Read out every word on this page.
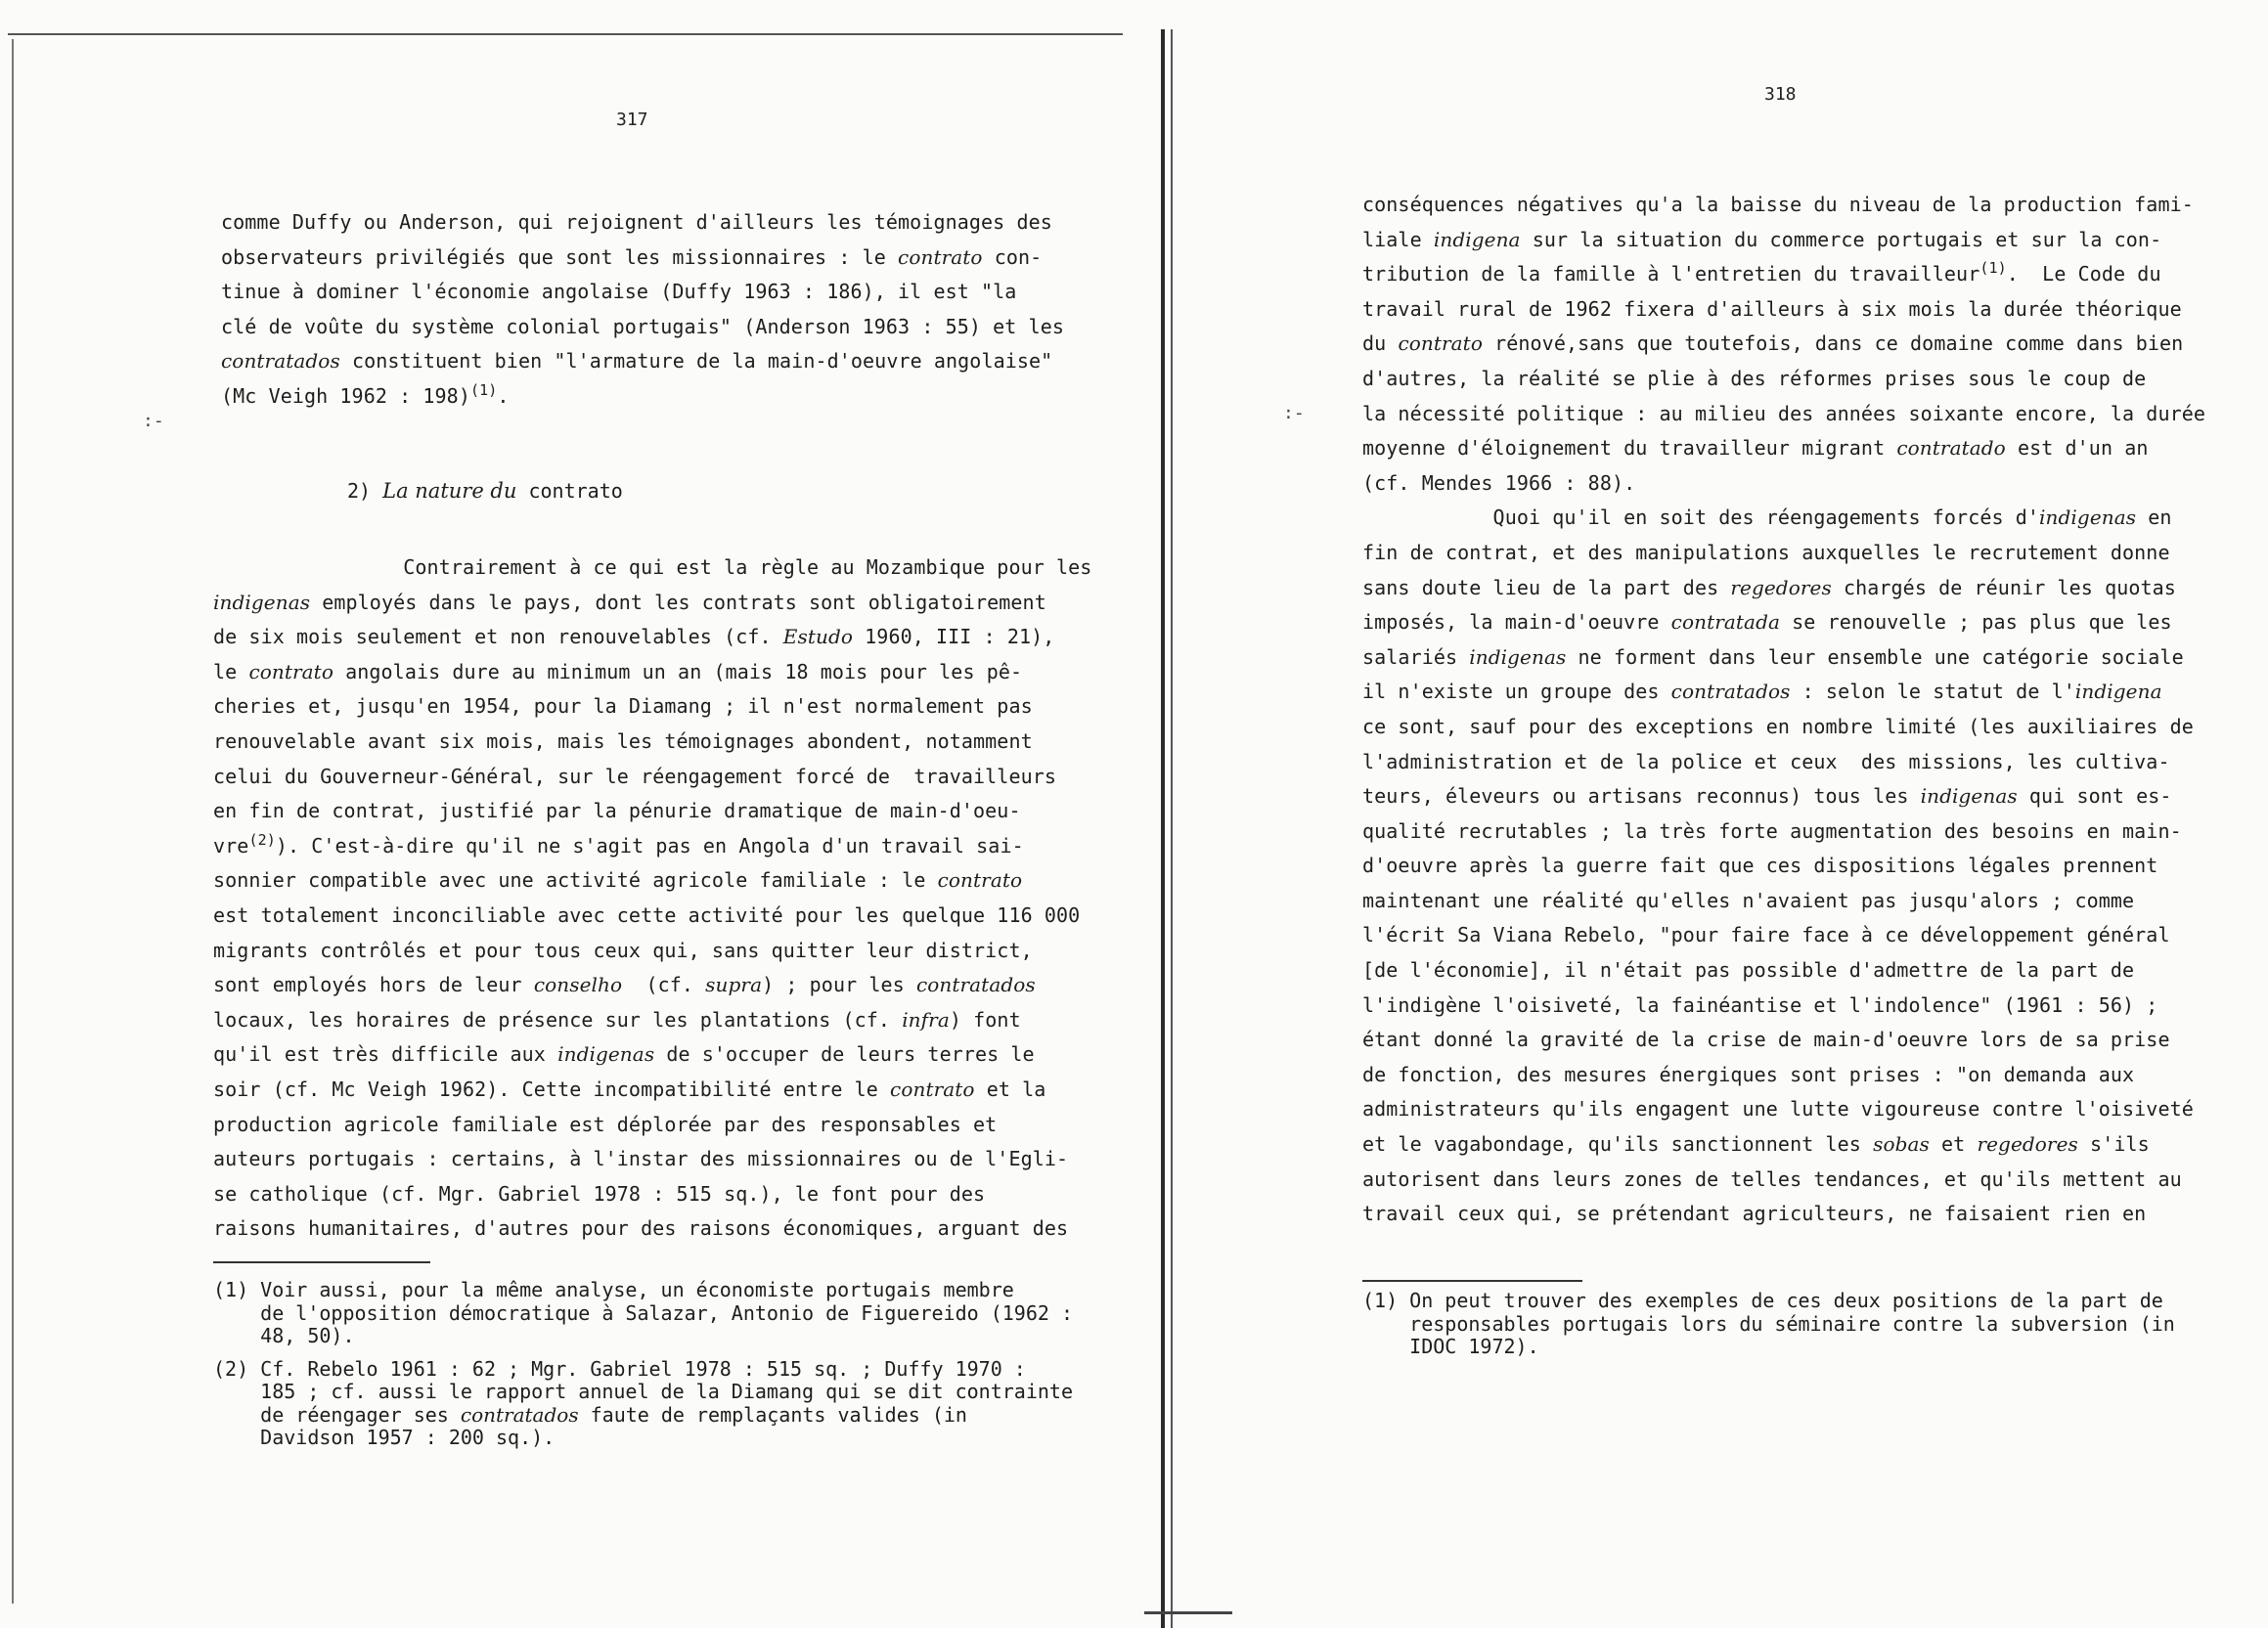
:-	:-
317
comme Duffy ou Anderson, qui rejoignent d'ailleurs les témoignages des
observateurs privilégiés que sont les missionnaires : le contrato con-
tinue à dominer l'économie angolaise (Duffy 1963 : 186), il est "la
clé de voûte du système colonial portugais" (Anderson 1963 : 55) et les
contratados constituent bien "l'armature de la main-d'oeuvre angolaise"
(Mc Veigh 1962 : 198)$^{(1)}$.
2) La nature du contrato
Contrairement à ce qui est la règle au Mozambique pour les
indigenas employés dans le pays, dont les contrats sont obligatoirement
de six mois seulement et non renouvelables (cf. Estudo 1960, III : 21),
le contrato angolais dure au minimum un an (mais 18 mois pour les pê-
cheries et, jusqu'en 1954, pour la Diamang ; il n'est normalement pas
renouvelable avant six mois, mais les témoignages abondent, notamment
celui du Gouverneur-Général, sur le réengagement forcé de  travailleurs
en fin de contrat, justifié par la pénurie dramatique de main-d'oeu-
vre$^{(2)}$). C'est-à-dire qu'il ne s'agit pas en Angola d'un travail sai-
sonnier compatible avec une activité agricole familiale : le contrato
est totalement inconciliable avec cette activité pour les quelque 116 000
migrants contrôlés et pour tous ceux qui, sans quitter leur district,
sont employés hors de leur conselho  (cf. supra) ; pour les contratados
locaux, les horaires de présence sur les plantations (cf. infra) font
qu'il est très difficile aux indigenas de s'occuper de leurs terres le
soir (cf. Mc Veigh 1962). Cette incompatibilité entre le contrato et la
production agricole familiale est déplorée par des responsables et
auteurs portugais : certains, à l'instar des missionnaires ou de l'Egli-
se catholique (cf. Mgr. Gabriel 1978 : 515 sq.), le font pour des
raisons humanitaires, d'autres pour des raisons économiques, arguant des
(1) Voir aussi, pour la même analyse, un économiste portugais membre
de l'opposition démocratique à Salazar, Antonio de Figuereido (1962 :
48, 50).
(2) Cf. Rebelo 1961 : 62 ; Mgr. Gabriel 1978 : 515 sq. ; Duffy 1970 :
185 ; cf. aussi le rapport annuel de la Diamang qui se dit contrainte
de réengager ses contratados faute de remplaçants valides (in
Davidson 1957 : 200 sq.).
318
conséquences négatives qu'a la baisse du niveau de la production fami-
liale indigena sur la situation du commerce portugais et sur la con-
tribution de la famille à l'entretien du travailleur$^{(1)}$.  Le Code du
travail rural de 1962 fixera d'ailleurs à six mois la durée théorique
du contrato rénové,sans que toutefois, dans ce domaine comme dans bien
d'autres, la réalité se plie à des réformes prises sous le coup de
la nécessité politique : au milieu des années soixante encore, la durée
moyenne d'éloignement du travailleur migrant contratado est d'un an
(cf. Mendes 1966 : 88).
Quoi qu'il en soit des réengagements forcés d'indigenas en
fin de contrat, et des manipulations auxquelles le recrutement donne
sans doute lieu de la part des regedores chargés de réunir les quotas
imposés, la main-d'oeuvre contratada se renouvelle ; pas plus que les
salariés indigenas ne forment dans leur ensemble une catégorie sociale
il n'existe un groupe des contratados : selon le statut de l'indigena
ce sont, sauf pour des exceptions en nombre limité (les auxiliaires de
l'administration et de la police et ceux  des missions, les cultiva-
teurs, éleveurs ou artisans reconnus) tous les indigenas qui sont es-
qualité recrutables ; la très forte augmentation des besoins en main-
d'oeuvre après la guerre fait que ces dispositions légales prennent
maintenant une réalité qu'elles n'avaient pas jusqu'alors ; comme
l'écrit Sa Viana Rebelo, "pour faire face à ce développement général
[de l'économie], il n'était pas possible d'admettre de la part de
l'indigène l'oisiveté, la fainéantise et l'indolence" (1961 : 56) ;
étant donné la gravité de la crise de main-d'oeuvre lors de sa prise
de fonction, des mesures énergiques sont prises : "on demanda aux
administrateurs qu'ils engagent une lutte vigoureuse contre l'oisiveté
et le vagabondage, qu'ils sanctionnent les sobas et regedores s'ils
autorisent dans leurs zones de telles tendances, et qu'ils mettent au
travail ceux qui, se prétendant agriculteurs, ne faisaient rien en
(1) On peut trouver des exemples de ces deux positions de la part de
responsables portugais lors du séminaire contre la subversion (in
IDOC 1972).
